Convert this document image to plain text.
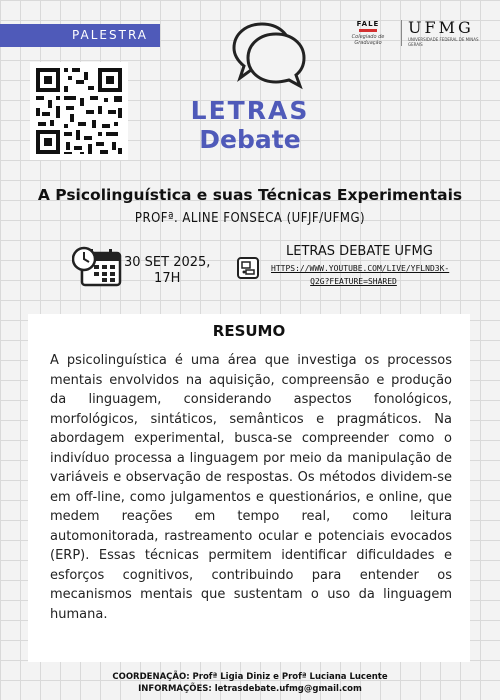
PALESTRA
FALE
Colegiado de Graduação
UFMG
UNIVERSIDADE FEDERAL DE MINAS GERAIS
LETRAS
Debate
A Psicolinguística e suas Técnicas Experimentais
PROFª. ALINE FONSECA (UFJF/UFMG)
30 SET 2025,
17H
LETRAS DEBATE UFMG
HTTPS://WWW.YOUTUBE.COM/LIVE/YFLND3K-Q2G?FEATURE=SHARED
RESUMO

A psicolinguística é uma área que investiga os processos mentais envolvidos na aquisição, compreensão e produção da linguagem, considerando aspectos fonológicos, morfológicos, sintáticos, semânticos e pragmáticos. Na abordagem experimental, busca-se compreender como o indivíduo processa a linguagem por meio da manipulação de variáveis e observação de respostas. Os métodos dividem-se em off-line, como julgamentos e questionários, e online, que medem reações em tempo real, como leitura automonitorada, rastreamento ocular e potenciais evocados (ERP). Essas técnicas permitem identificar dificuldades e esforços cognitivos, contribuindo para entender os mecanismos mentais que sustentam o uso da linguagem humana.

COORDENAÇÃO: Profª Ligia Diniz e Profª Luciana Lucente
INFORMAÇÕES: letrasdebate.ufmg@gmail.com
